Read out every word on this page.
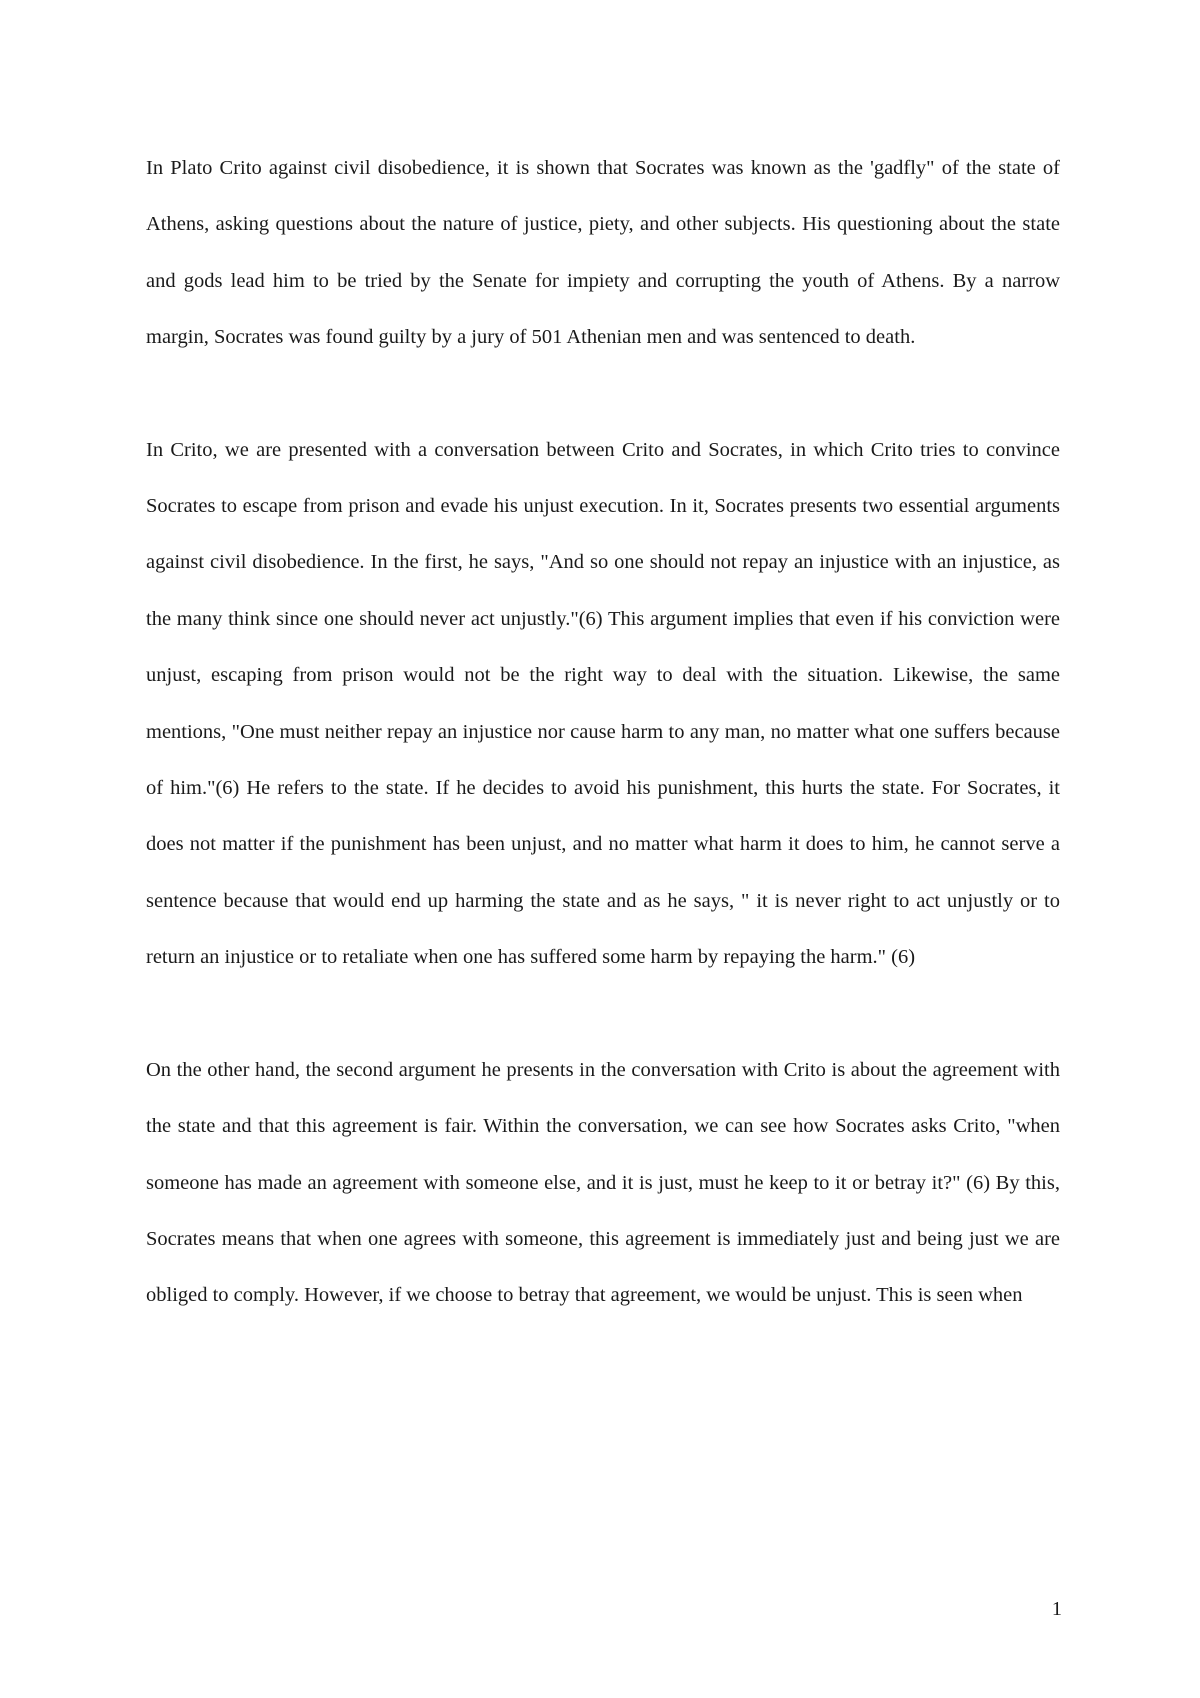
In Plato Crito against civil disobedience, it is shown that Socrates was known as the 'gadfly" of the state of Athens, asking questions about the nature of justice, piety, and other subjects. His questioning about the state and gods lead him to be tried by the Senate for impiety and corrupting the youth of Athens. By a narrow margin, Socrates was found guilty by a jury of 501 Athenian men and was sentenced to death.

In Crito, we are presented with a conversation between Crito and Socrates, in which Crito tries to convince Socrates to escape from prison and evade his unjust execution. In it, Socrates presents two essential arguments against civil disobedience. In the first, he says, "And so one should not repay an injustice with an injustice, as the many think since one should never act unjustly."(6) This argument implies that even if his conviction were unjust, escaping from prison would not be the right way to deal with the situation. Likewise, the same mentions, "One must neither repay an injustice nor cause harm to any man, no matter what one suffers because of him."(6) He refers to the state. If he decides to avoid his punishment, this hurts the state. For Socrates, it does not matter if the punishment has been unjust, and no matter what harm it does to him, he cannot serve a sentence because that would end up harming the state and as he says, " it is never right to act unjustly or to return an injustice or to retaliate when one has suffered some harm by repaying the harm." (6)

On the other hand, the second argument he presents in the conversation with Crito is about the agreement with the state and that this agreement is fair. Within the conversation, we can see how Socrates asks Crito, "when someone has made an agreement with someone else, and it is just, must he keep to it or betray it?" (6) By this, Socrates means that when one agrees with someone, this agreement is immediately just and being just we are obliged to comply. However, if we choose to betray that agreement, we would be unjust. This is seen when

1
